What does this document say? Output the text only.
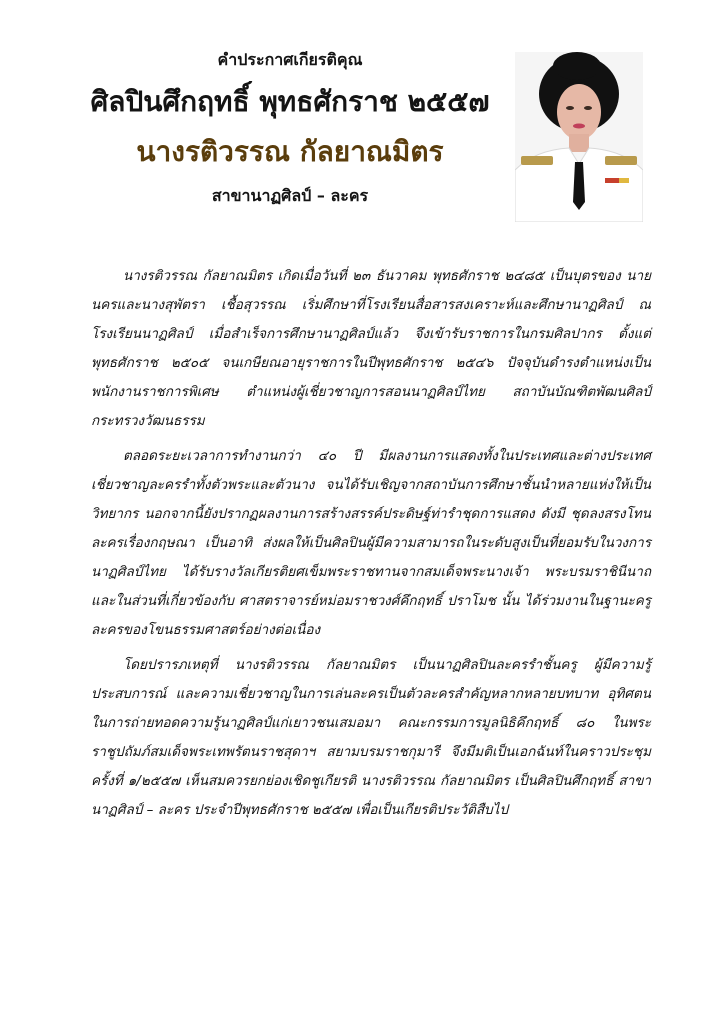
คำประกาศเกียรติคุณ
ศิลปินศึกฤทธิ์ พุทธศักราช ๒๕๕๗
นางรติวรรณ กัลยาณมิตร
สาขานาฏศิลป์ – ละคร

นางรติวรรณ กัลยาณมิตร เกิดเมื่อวันที่ ๒๓ ธันวาคม พุทธศักราช ๒๔๘๕ เป็นบุตรของ นายนครและนางสุพัตรา เชื้อสุวรรณ เริ่มศึกษาที่โรงเรียนสื่อสารสงเคราะห์และศึกษานาฏศิลป์ ณ โรงเรียนนาฏศิลป์ เมื่อสำเร็จการศึกษานาฏศิลป์แล้ว จึงเข้ารับราชการในกรมศิลปากร ตั้งแต่พุทธศักราช ๒๕๐๕ จนเกษียณอายุราชการในปีพุทธศักราช ๒๕๔๖ ปัจจุบันดำรงตำแหน่งเป็นพนักงานราชการพิเศษ ตำแหน่งผู้เชี่ยวชาญการสอนนาฏศิลป์ไทย สถาบันบัณฑิตพัฒนศิลป์ กระทรวงวัฒนธรรม

ตลอดระยะเวลาการทำงานกว่า ๔๐ ปี มีผลงานการแสดงทั้งในประเทศและต่างประเทศเชี่ยวชาญละครรำทั้งตัวพระและตัวนาง จนได้รับเชิญจากสถาบันการศึกษาชั้นนำหลายแห่งให้เป็นวิทยากร นอกจากนี้ยังปรากฏผลงานการสร้างสรรค์ประดิษฐ์ท่ารำชุดการแสดง ดังมี ชุดลงสรงโทน ละครเรื่องกฤษณา เป็นอาทิ ส่งผลให้เป็นศิลปินผู้มีความสามารถในระดับสูงเป็นที่ยอมรับในวงการนาฏศิลป์ไทย ได้รับรางวัลเกียรติยศเข็มพระราชทานจากสมเด็จพระนางเจ้า พระบรมราชินีนาถ และในส่วนที่เกี่ยวข้องกับ ศาสตราจารย์หม่อมราชวงศ์คึกฤทธิ์ ปราโมช นั้น ได้ร่วมงานในฐานะครูละครของโขนธรรมศาสตร์อย่างต่อเนื่อง

โดยปรารภเหตุที่ นางรติวรรณ กัลยาณมิตร เป็นนาฏศิลปินละครรำชั้นครู ผู้มีความรู้ ประสบการณ์ และความเชี่ยวชาญในการเล่นละครเป็นตัวละครสำคัญหลากหลายบทบาท อุทิศตนในการถ่ายทอดความรู้นาฏศิลป์แก่เยาวชนเสมอมา คณะกรรมการมูลนิธิคึกฤทธิ์ ๘๐ ในพระราชูปถัมภ์สมเด็จพระเทพรัตนราชสุดาฯ สยามบรมราชกุมารี จึงมีมติเป็นเอกฉันท์ในคราวประชุมครั้งที่ ๑/๒๕๕๗ เห็นสมควรยกย่องเชิดชูเกียรติ นางรติวรรณ กัลยาณมิตร เป็นศิลปินศึกฤทธิ์ สาขานาฏศิลป์ – ละคร ประจำปีพุทธศักราช ๒๕๕๗ เพื่อเป็นเกียรติประวัติสืบไป
